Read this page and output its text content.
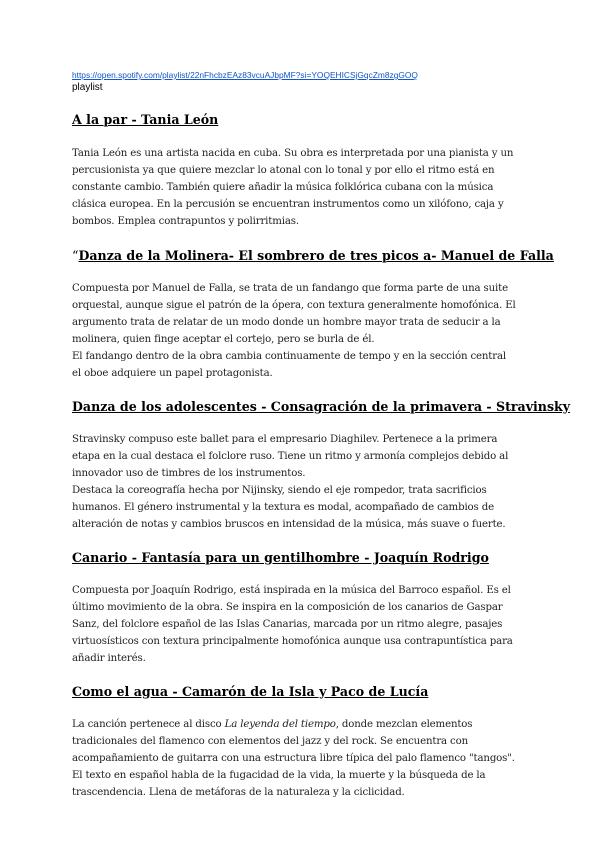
https://open.spotify.com/playlist/22nFhcbzEAz83vcuAJbpMF?si=YOQEHICSjGqcZm8zgGOQ
playlist
A la par - Tania León

Tania León es una artista nacida en cuba. Su obra es interpretada por una pianista y un
percusionista ya que quiere mezclar lo atonal con lo tonal y por ello el ritmo está en
constante cambio. También quiere añadir la música folklórica cubana con la música
clásica europea. En la percusión se encuentran instrumentos como un xilófono, caja y
bombos. Emplea contrapuntos y polirritmias.

“Danza de la Molinera- El sombrero de tres picos a- Manuel de Falla

Compuesta por Manuel de Falla, se trata de un fandango que forma parte de una suite
orquestal, aunque sigue el patrón de la ópera, con textura generalmente homofónica. El
argumento trata de relatar de un modo donde un hombre mayor trata de seducir a la
molinera, quien finge aceptar el cortejo, pero se burla de él.
El fandango dentro de la obra cambia continuamente de tempo y en la sección central
el oboe adquiere un papel protagonista.

Danza de los adolescentes - Consagración de la primavera - Stravinsky

Stravinsky compuso este ballet para el empresario Diaghilev. Pertenece a la primera
etapa en la cual destaca el folclore ruso. Tiene un ritmo y armonía complejos debido al
innovador uso de timbres de los instrumentos.
Destaca la coreografía hecha por Nijinsky, siendo el eje rompedor, trata sacrificios
humanos. El género instrumental y la textura es modal, acompañado de cambios de
alteración de notas y cambios bruscos en intensidad de la música, más suave o fuerte.

Canario - Fantasía para un gentilhombre - Joaquín Rodrigo

Compuesta por Joaquín Rodrigo, está inspirada en la música del Barroco español. Es el
último movimiento de la obra. Se inspira en la composición de los canarios de Gaspar
Sanz, del folclore español de las Islas Canarias, marcada por un ritmo alegre, pasajes
virtuosísticos con textura principalmente homofónica aunque usa contrapuntística para
añadir interés.

Como el agua - Camarón de la Isla y Paco de Lucía

La canción pertenece al disco La leyenda del tiempo, donde mezclan elementos
tradicionales del flamenco con elementos del jazz y del rock. Se encuentra con
acompañamiento de guitarra con una estructura libre típica del palo flamenco "tangos".
El texto en español habla de la fugacidad de la vida, la muerte y la búsqueda de la
trascendencia. Llena de metáforas de la naturaleza y la ciclicidad.
